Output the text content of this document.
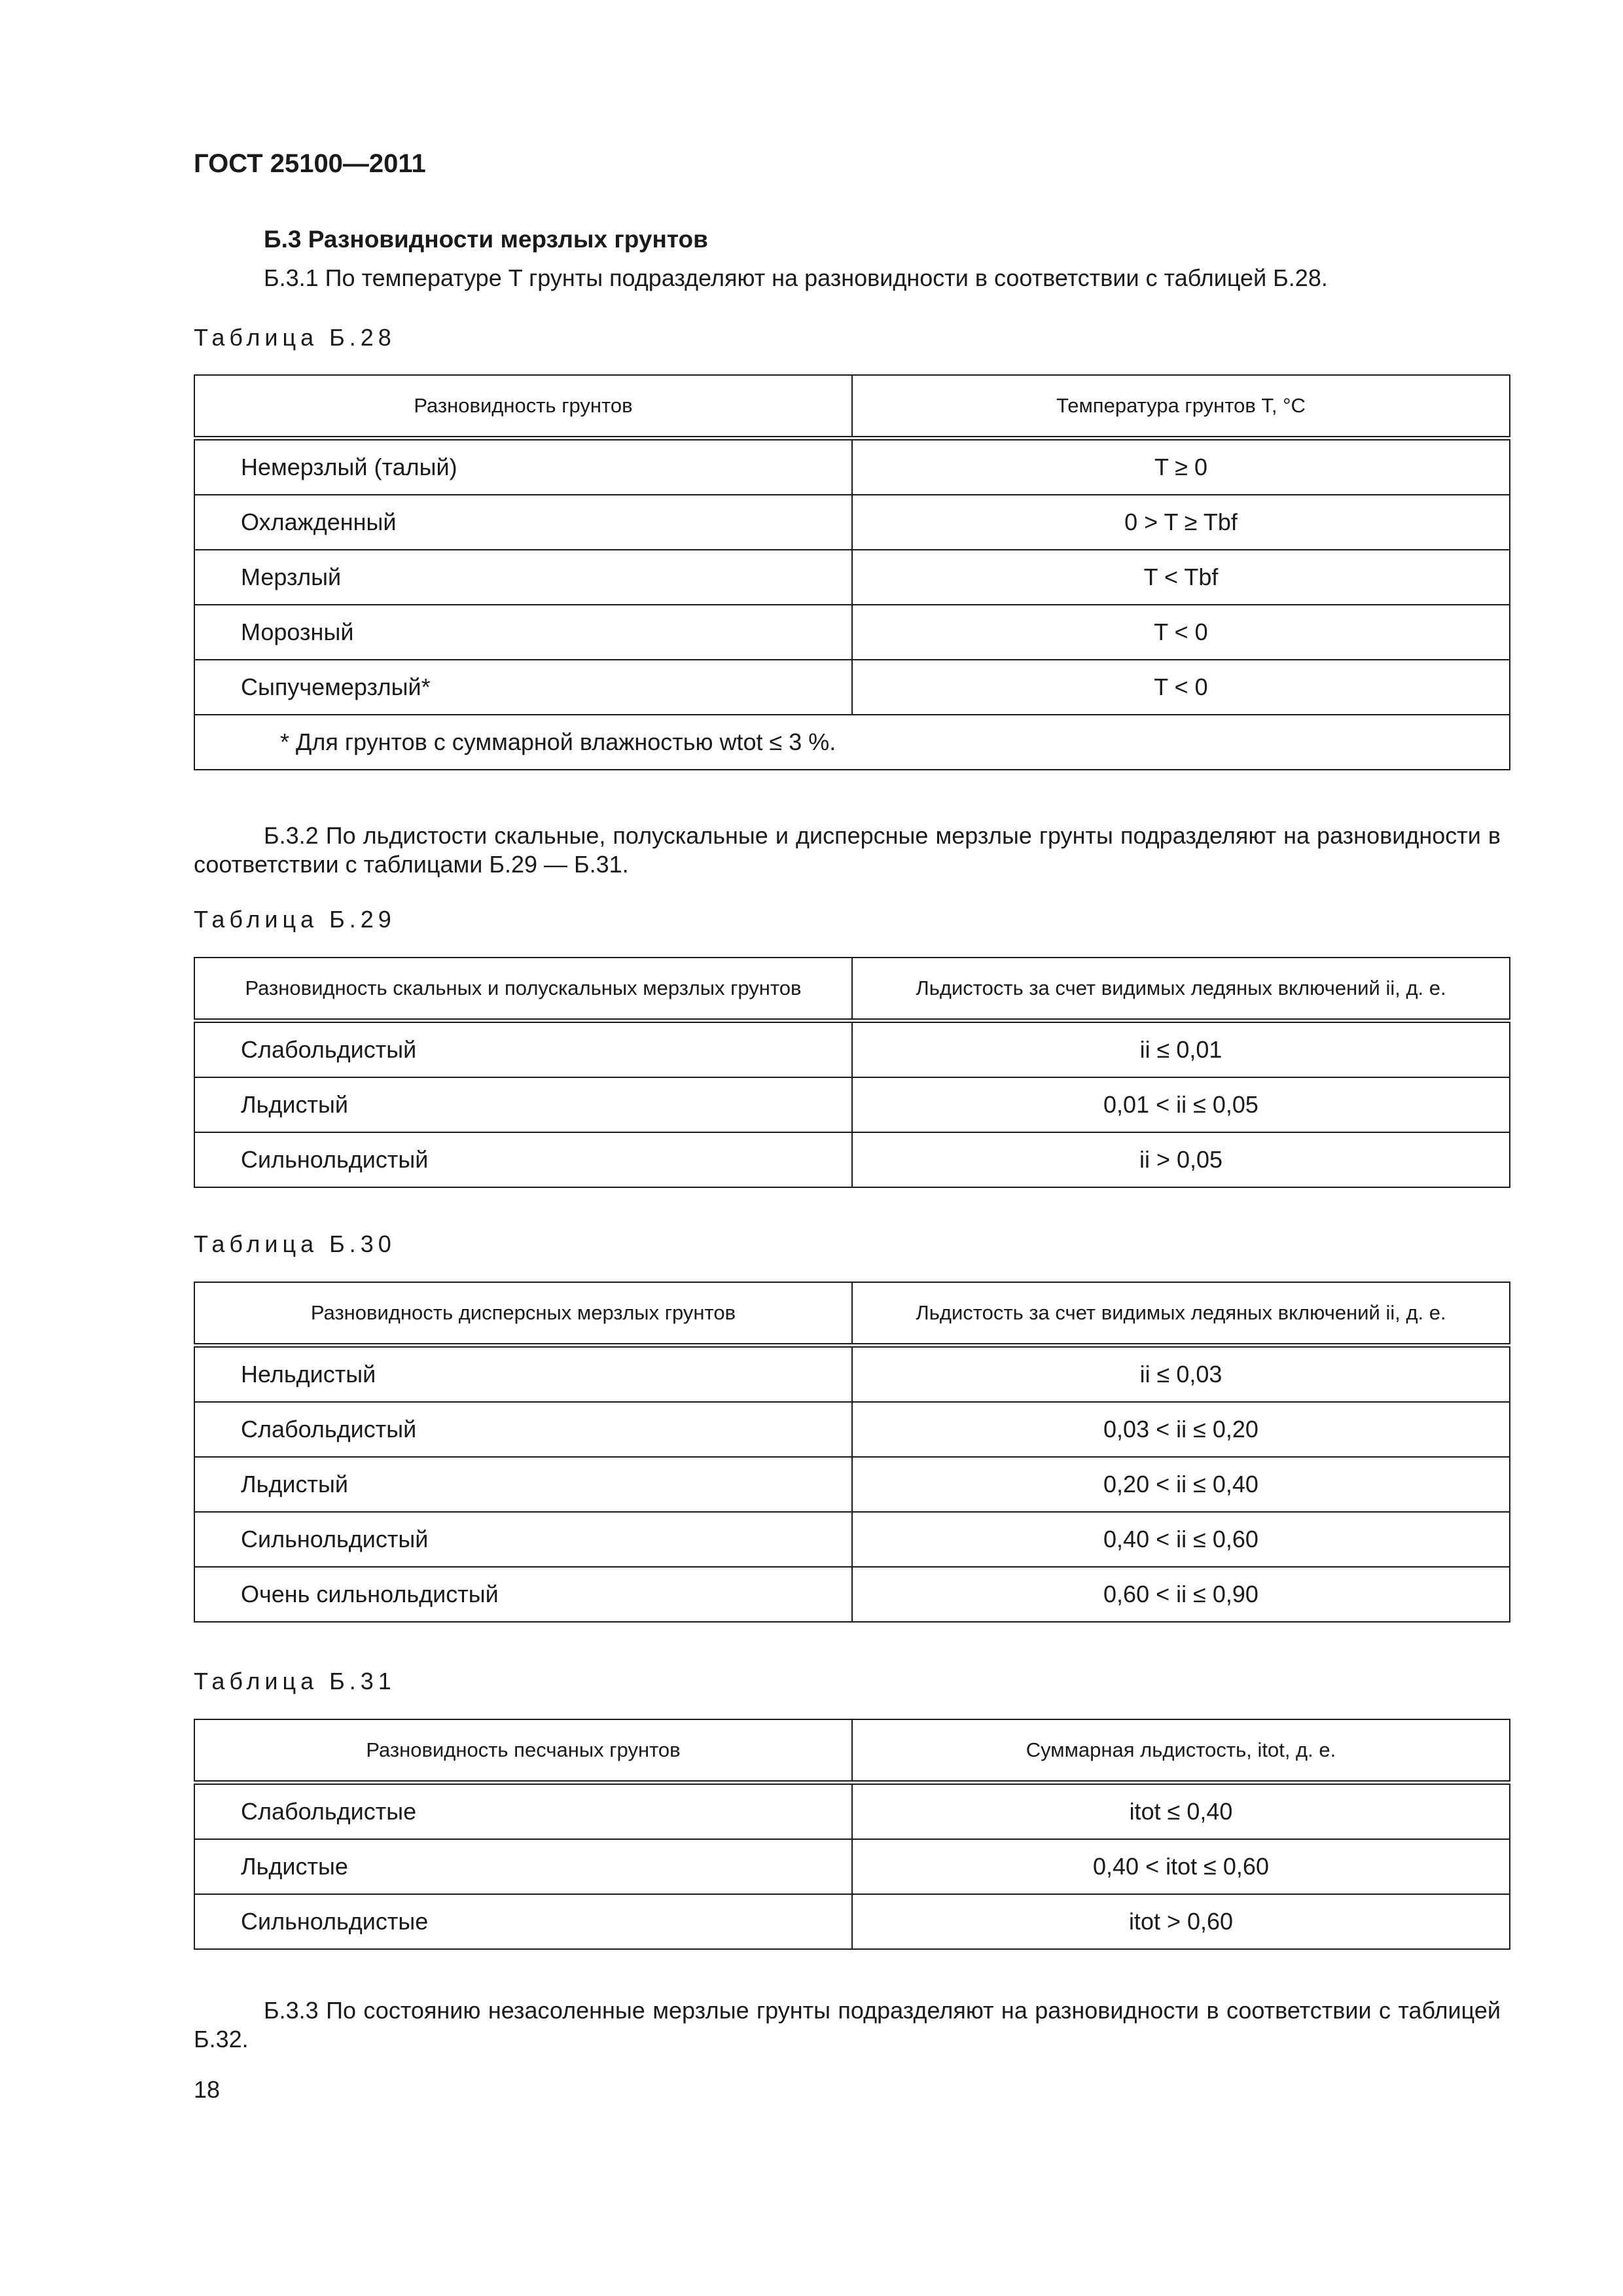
ГОСТ 25100—2011
Б.3 Разновидности мерзлых грунтов
Б.3.1 По температуре T грунты подразделяют на разновидности в соответствии с таблицей Б.28.
Таблица Б.28
Разновидность грунтов	Температура грунтов T, °C
Немерзлый (талый)	T ≥ 0
Охлажденный	0 > T ≥ Tbf
Мерзлый	T < Tbf
Морозный	T < 0
Сыпучемерзлый*	T < 0
* Для грунтов с суммарной влажностью wtot ≤ 3 %.	
Б.3.2 По льдистости скальные, полускальные и дисперсные мерзлые грунты подразделяют на разновидности в соответствии с таблицами Б.29 — Б.31.
Таблица Б.29
Разновидность скальных и полускальных мерзлых грунтов	Льдистость за счет видимых ледяных включений ii, д. е.
Слабольдистый	ii ≤ 0,01
Льдистый	0,01 < ii ≤ 0,05
Сильнольдистый	ii > 0,05
Таблица Б.30
Разновидность дисперсных мерзлых грунтов	Льдистость за счет видимых ледяных включений ii, д. е.
Нельдистый	ii ≤ 0,03
Слабольдистый	0,03 < ii ≤ 0,20
Льдистый	0,20 < ii ≤ 0,40
Сильнольдистый	0,40 < ii ≤ 0,60
Очень сильнольдистый	0,60 < ii ≤ 0,90
Таблица Б.31
Разновидность песчаных грунтов	Суммарная льдистость, itot, д. е.
Слабольдистые	itot ≤ 0,40
Льдистые	0,40 < itot ≤ 0,60
Сильнольдистые	itot > 0,60
Б.3.3 По состоянию незасоленные мерзлые грунты подразделяют на разновидности в соответствии с таблицей Б.32.
18
